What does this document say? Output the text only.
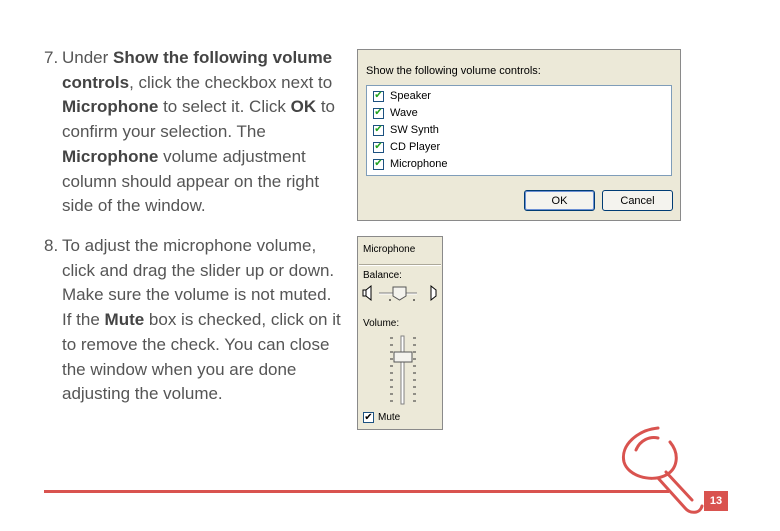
7. Under Show the following volume controls, click the checkbox next to Microphone to select it. Click OK to confirm your selection. The Microphone volume adjustment column should appear on the right side of the window.
8. To adjust the microphone volume, click and drag the slider up or down. Make sure the volume is not muted. If the Mute box is checked, click on it to remove the check. You can close the window when you are done adjusting the volume.
Show the following volume controls:
✔ Speaker
✔ Wave
✔ SW Synth
✔ CD Player
✔ Microphone
OK	Cancel
Microphone
Balance:
Volume:
✔ Mute
13
